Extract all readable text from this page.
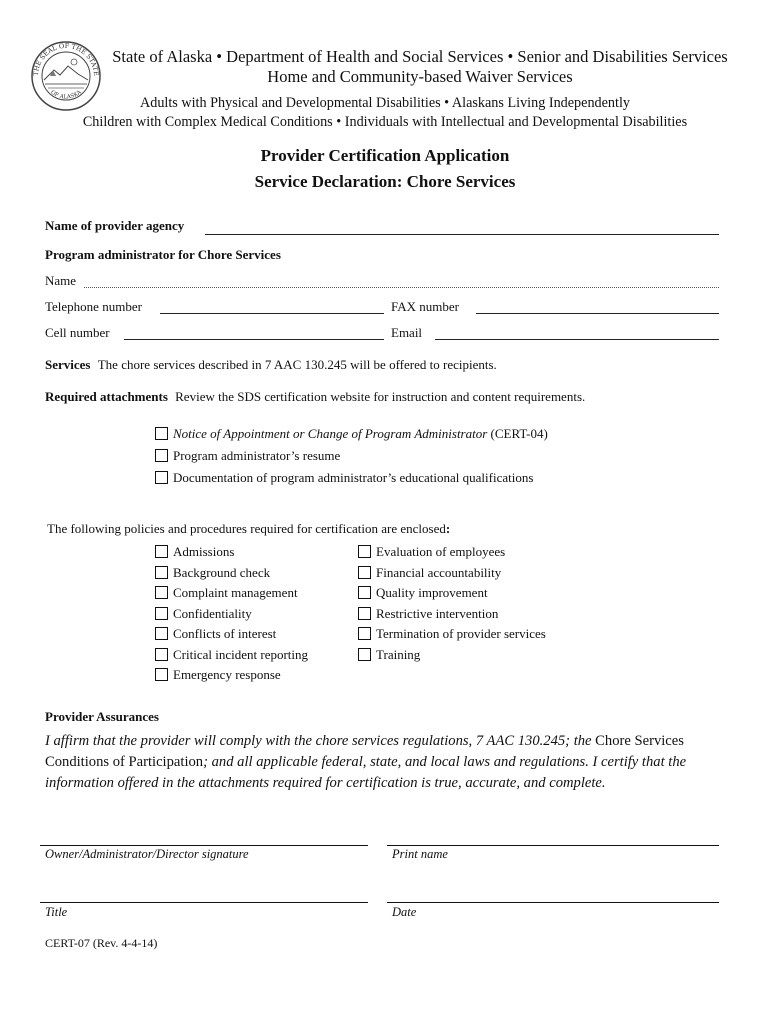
THE SEAL OF THE STATE
OF ALASKA
State of Alaska • Department of Health and Social Services • Senior and Disabilities Services
Home and Community-based Waiver Services
Adults with Physical and Developmental Disabilities • Alaskans Living Independently
Children with Complex Medical Conditions • Individuals with Intellectual and Developmental Disabilities
Provider Certification Application
Service Declaration: Chore Services
Name of provider agency
Program administrator for Chore Services
Name
Telephone number	FAX number
Cell number	Email
Services The chore services described in 7 AAC 130.245 will be offered to recipients.
Required attachments Review the SDS certification website for instruction and content requirements.
Notice of Appointment or Change of Program Administrator (CERT-04)
Program administrator’s resume
Documentation of program administrator’s educational qualifications
The following policies and procedures required for certification are enclosed:
Admissions
Background check
Complaint management
Confidentiality
Conflicts of interest
Critical incident reporting
Emergency response
Evaluation of employees
Financial accountability
Quality improvement
Restrictive intervention
Termination of provider services
Training
Provider Assurances
I affirm that the provider will comply with the chore services regulations, 7 AAC 130.245; the Chore Services Conditions of Participation; and all applicable federal, state, and local laws and regulations. I certify that the information offered in the attachments required for certification is true, accurate, and complete.
Owner/Administrator/Director signature	Print name
Title	Date
CERT-07 (Rev. 4-4-14)
